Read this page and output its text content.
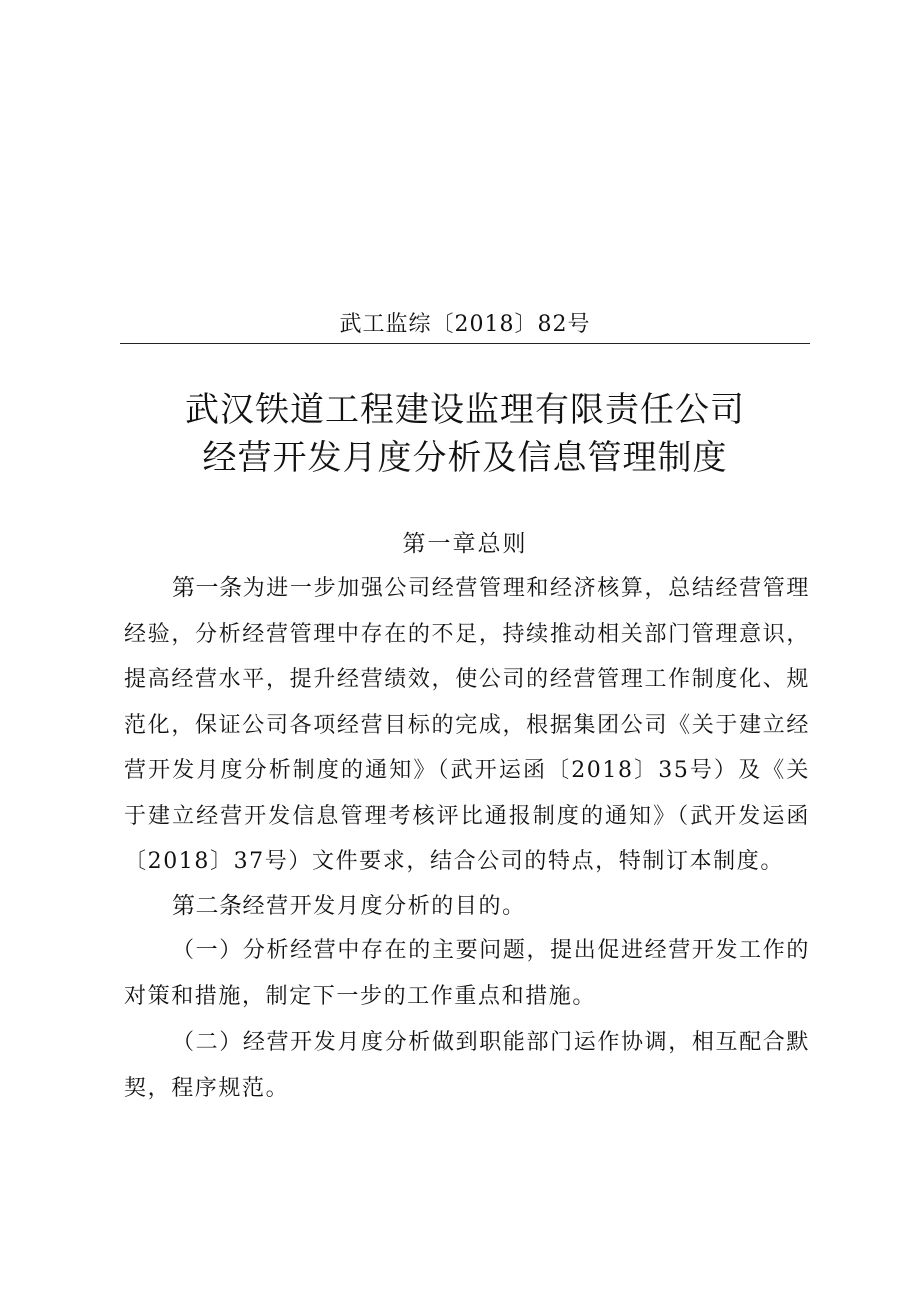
武工监综〔2018〕82号
武汉铁道工程建设监理有限责任公司
经营开发月度分析及信息管理制度
第一章总则
第一条为进一步加强公司经营管理和经济核算，总结经营管理经验，分析经营管理中存在的不足，持续推动相关部门管理意识，提高经营水平，提升经营绩效，使公司的经营管理工作制度化、规范化，保证公司各项经营目标的完成，根据集团公司《关于建立经营开发月度分析制度的通知》（武开运函〔2018〕35号）及《关于建立经营开发信息管理考核评比通报制度的通知》（武开发运函〔2018〕37号）文件要求，结合公司的特点，特制订本制度。
第二条经营开发月度分析的目的。
（一）分析经营中存在的主要问题，提出促进经营开发工作的对策和措施，制定下一步的工作重点和措施。
（二）经营开发月度分析做到职能部门运作协调，相互配合默契，程序规范。
